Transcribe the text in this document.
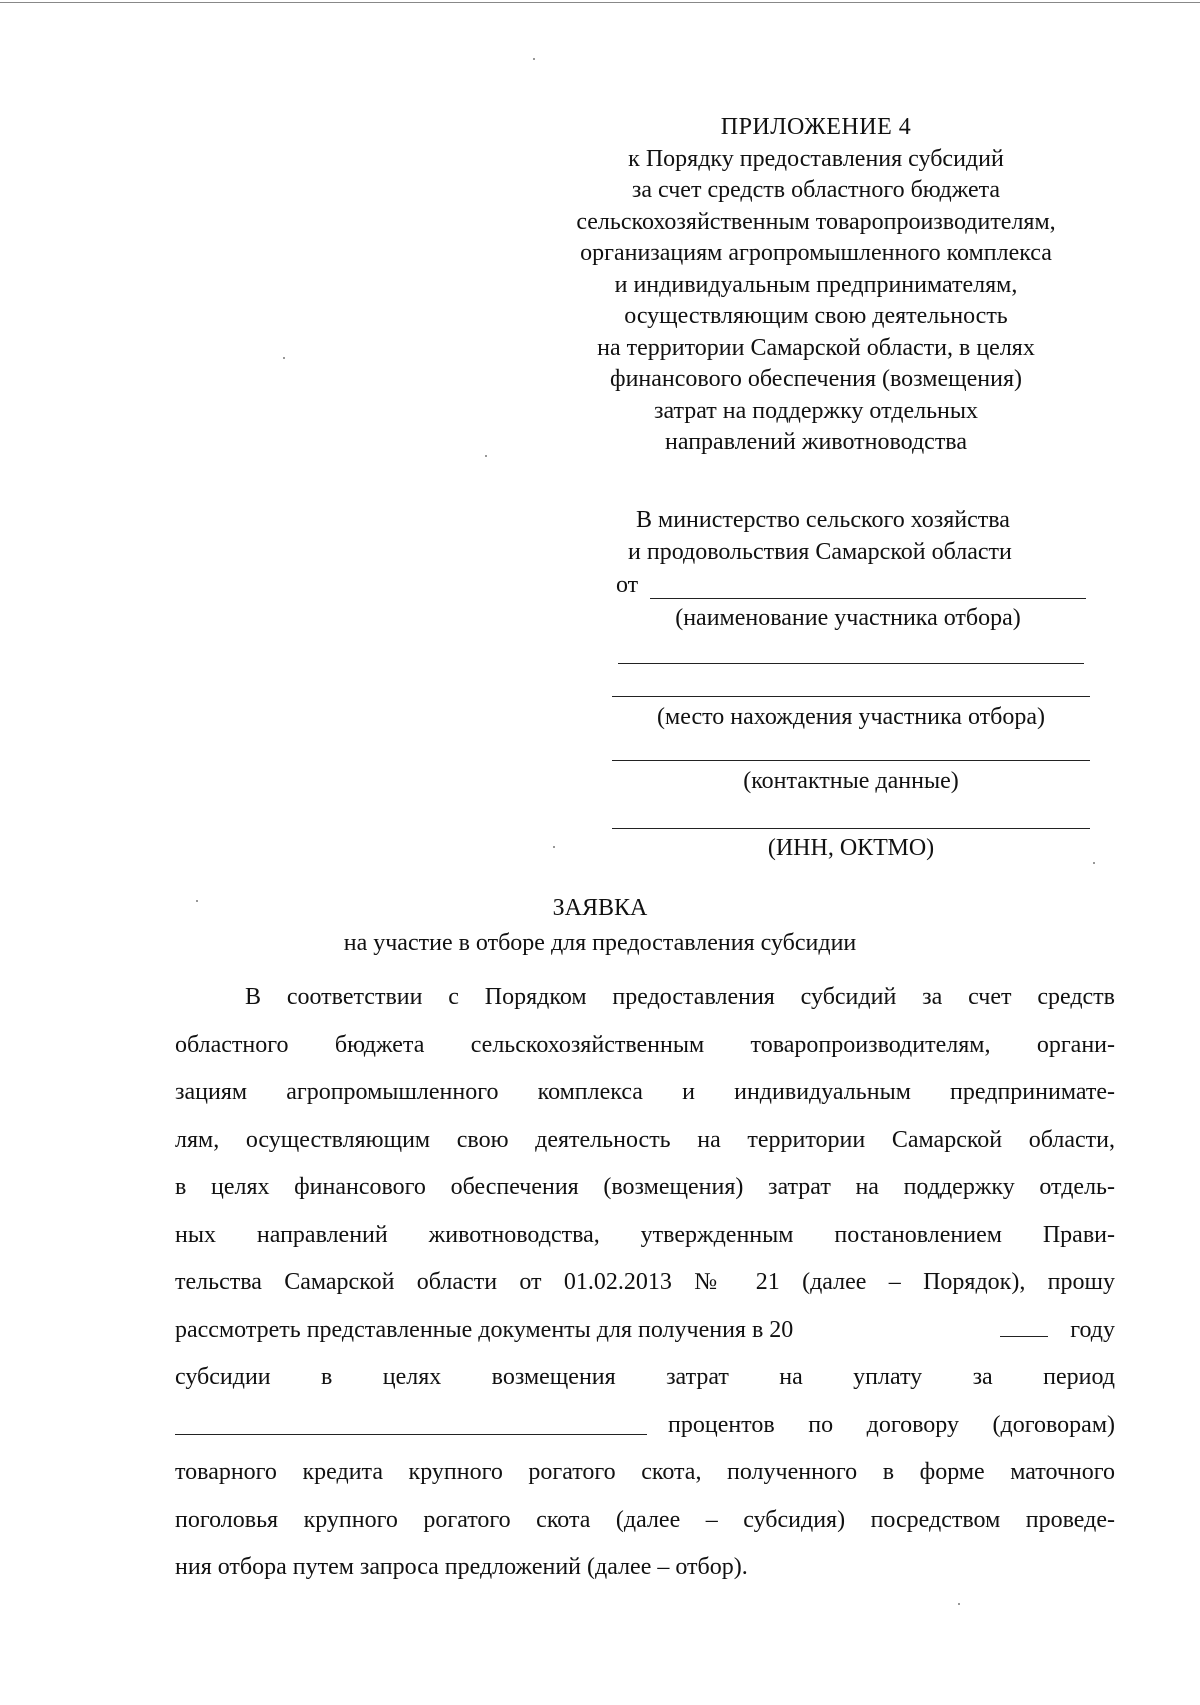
ПРИЛОЖЕНИЕ 4
к Порядку предоставления субсидий
за счет средств областного бюджета
сельскохозяйственным товаропроизводителям,
организациям агропромышленного комплекса
и индивидуальным предпринимателям,
осуществляющим свою деятельность
на территории Самарской области, в целях
финансового обеспечения (возмещения)
затрат на поддержку отдельных
направлений животноводства
В министерство сельского хозяйства
и продовольствия Самарской области
от
(наименование участника отбора)
(место нахождения участника отбора)
(контактные данные)
(ИНН, ОКТМО)
ЗАЯВКА
на участие в отборе для предоставления субсидии
В соответствии с Порядком предоставления субсидий за счет средств
областного бюджета сельскохозяйственным товаропроизводителям, органи-
зациям агропромышленного комплекса и индивидуальным предпринимате-
лям, осуществляющим свою деятельность на территории Самарской области,
в целях финансового обеспечения (возмещения) затрат на поддержку отдель-
ных направлений животноводства, утвержденным постановлением Прави-
тельства Самарской области от 01.02.2013 № 21 (далее – Порядок), прошу
рассмотреть представленные документы для получения в 20	году
субсидии в целях возмещения затрат на уплату за период
процентов по договору (договорам)
товарного кредита крупного рогатого скота, полученного в форме маточного
поголовья крупного рогатого скота (далее – субсидия) посредством проведе-
ния отбора путем запроса предложений (далее – отбор).
